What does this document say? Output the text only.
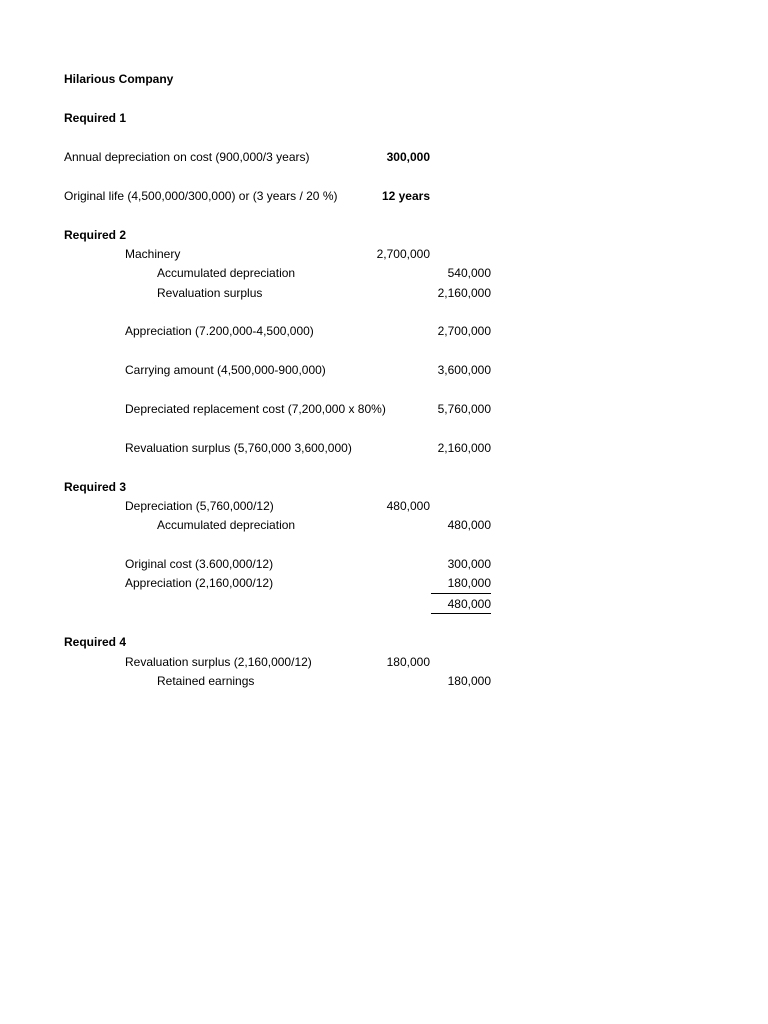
Hilarious Company
Required 1
Annual depreciation on cost (900,000/3 years)	300,000
Original life (4,500,000/300,000) or (3 years / 20 %)	12 years
Required 2
Machinery	2,700,000
Accumulated depreciation	540,000
Revaluation surplus	2,160,000
Appreciation (7.200,000-4,500,000)	2,700,000
Carrying amount (4,500,000-900,000)	3,600,000
Depreciated replacement cost (7,200,000 x 80%)	5,760,000
Revaluation surplus (5,760,000 3,600,000)	2,160,000
Required 3
Depreciation (5,760,000/12)	480,000
Accumulated depreciation	480,000
Original cost (3.600,000/12)	300,000
Appreciation (2,160,000/12)	180,000
480,000
Required 4
Revaluation surplus (2,160,000/12)	180,000
Retained earnings	180,000
